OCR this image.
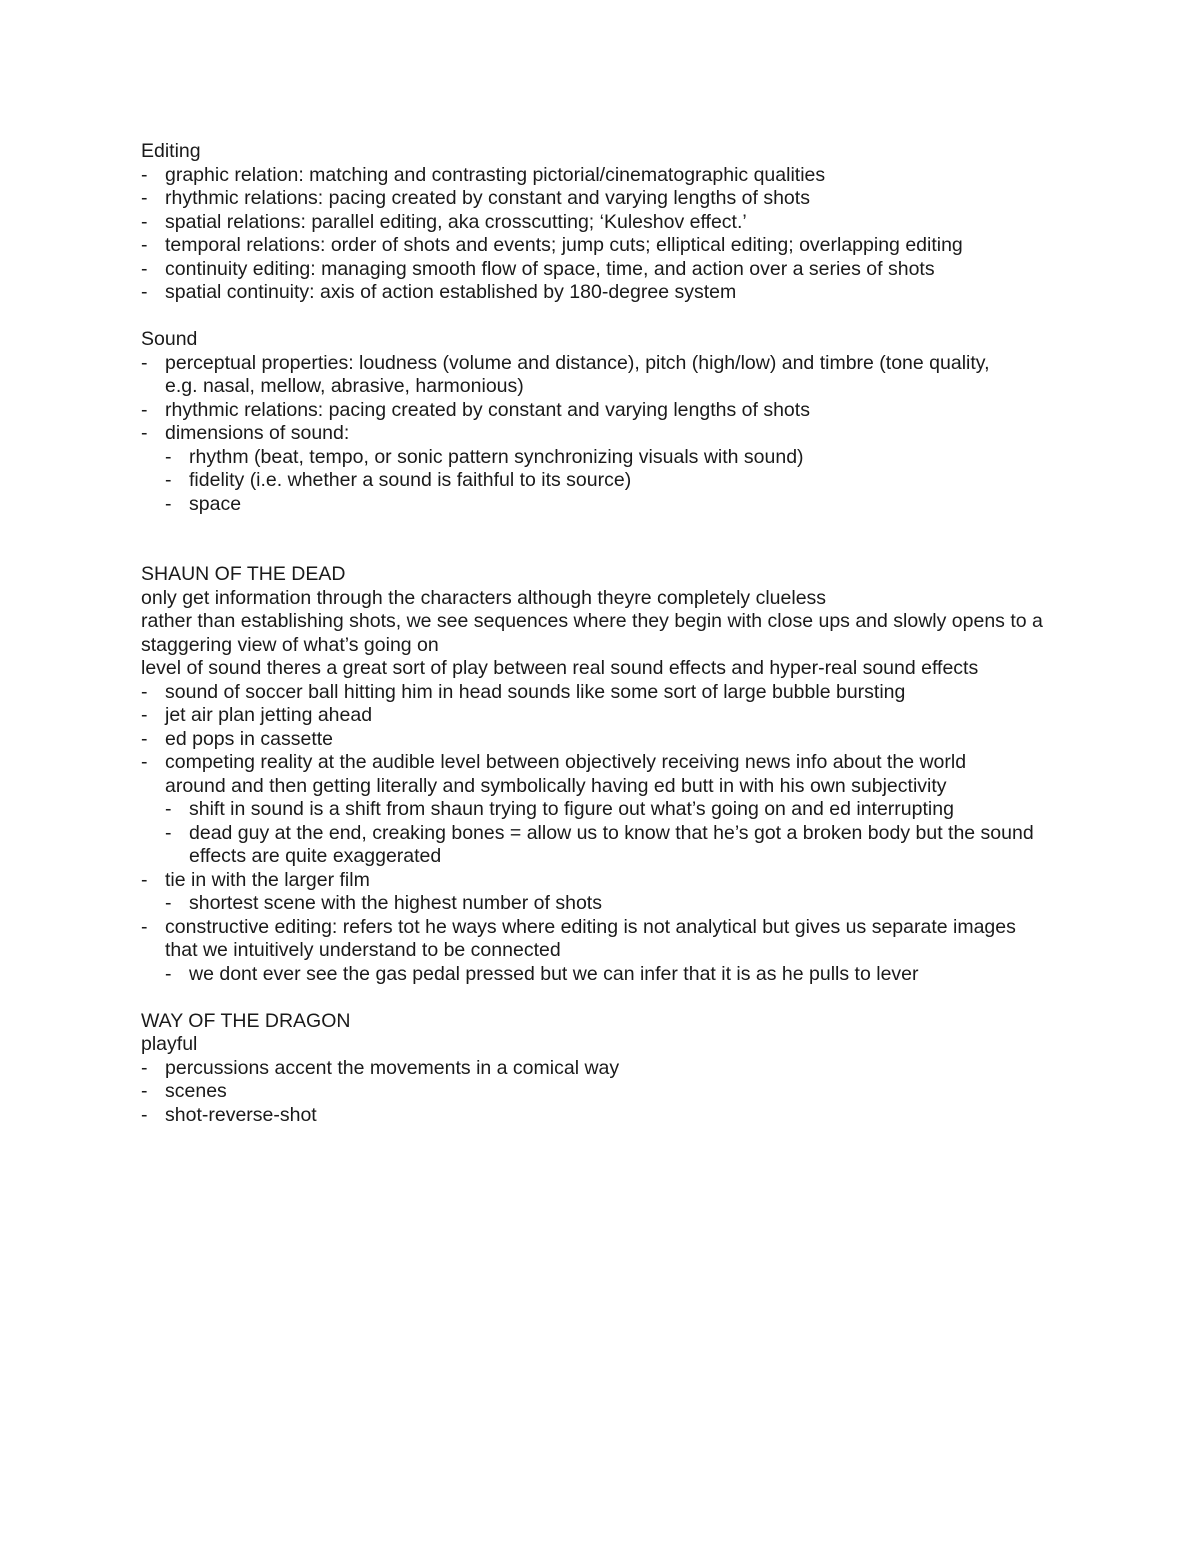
Editing
- graphic relation: matching and contrasting pictorial/cinematographic qualities
- rhythmic relations: pacing created by constant and varying lengths of shots
- spatial relations: parallel editing, aka crosscutting; ‘Kuleshov effect.’
- temporal relations: order of shots and events; jump cuts; elliptical editing; overlapping editing
- continuity editing: managing smooth flow of space, time, and action over a series of shots
- spatial continuity: axis of action established by 180-degree system
Sound
- perceptual properties: loudness (volume and distance), pitch (high/low) and timbre (tone quality, e.g. nasal, mellow, abrasive, harmonious)
- rhythmic relations: pacing created by constant and varying lengths of shots
- dimensions of sound:
- rhythm (beat, tempo, or sonic pattern synchronizing visuals with sound)
- fidelity (i.e. whether a sound is faithful to its source)
- space
SHAUN OF THE DEAD
only get information through the characters although theyre completely clueless
rather than establishing shots, we see sequences where they begin with close ups and slowly opens to a staggering view of what’s going on
level of sound theres a great sort of play between real sound effects and hyper-real sound effects
- sound of soccer ball hitting him in head sounds like some sort of large bubble bursting
- jet air plan jetting ahead
- ed pops in cassette
- competing reality at the audible level between objectively receiving news info about the world around and then getting literally and symbolically having ed butt in with his own subjectivity
- shift in sound is a shift from shaun trying to figure out what’s going on and ed interrupting
- dead guy at the end, creaking bones = allow us to know that he’s got a broken body but the sound effects are quite exaggerated
- tie in with the larger film
- shortest scene with the highest number of shots
- constructive editing: refers tot he ways where editing is not analytical but gives us separate images that we intuitively understand to be connected
- we dont ever see the gas pedal pressed but we can infer that it is as he pulls to lever
WAY OF THE DRAGON
playful
- percussions accent the movements in a comical way
- scenes
- shot-reverse-shot
